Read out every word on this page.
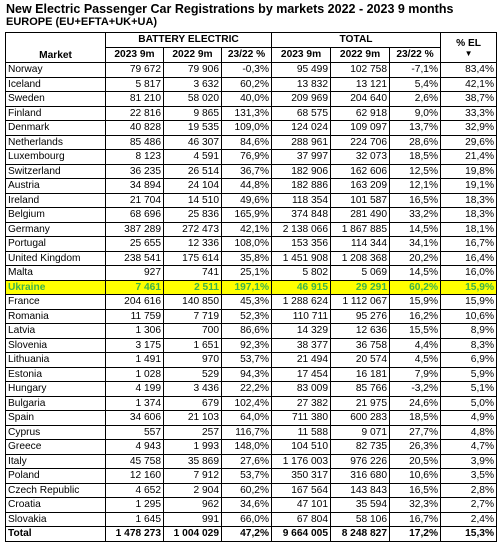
New Electric Passenger Car Registrations by markets 2022 - 2023 9 months
EUROPE (EU+EFTA+UK+UA)
Market	BATTERY ELECTRIC			TOTAL			% EL
▼

	2023 9m	2022 9m	23/22 %	2023 9m	2022 9m	23/22 %	
Norway	79 672	79 906	-0,3%	95 499	102 758	-7,1%	83,4%
Iceland	5 817	3 632	60,2%	13 832	13 121	5,4%	42,1%
Sweden	81 210	58 020	40,0%	209 969	204 640	2,6%	38,7%
Finland	22 816	9 865	131,3%	68 575	62 918	9,0%	33,3%
Denmark	40 828	19 535	109,0%	124 024	109 097	13,7%	32,9%
Netherlands	85 486	46 307	84,6%	288 961	224 706	28,6%	29,6%
Luxembourg	8 123	4 591	76,9%	37 997	32 073	18,5%	21,4%
Switzerland	36 235	26 514	36,7%	182 906	162 606	12,5%	19,8%
Austria	34 894	24 104	44,8%	182 886	163 209	12,1%	19,1%
Ireland	21 704	14 510	49,6%	118 354	101 587	16,5%	18,3%
Belgium	68 696	25 836	165,9%	374 848	281 490	33,2%	18,3%
Germany	387 289	272 473	42,1%	2 138 066	1 867 885	14,5%	18,1%
Portugal	25 655	12 336	108,0%	153 356	114 344	34,1%	16,7%
United Kingdom	238 541	175 614	35,8%	1 451 908	1 208 368	20,2%	16,4%
Malta	927	741	25,1%	5 802	5 069	14,5%	16,0%
Ukraine	7 461	2 511	197,1%	46 915	29 291	60,2%	15,9%
France	204 616	140 850	45,3%	1 288 624	1 112 067	15,9%	15,9%
Romania	11 759	7 719	52,3%	110 711	95 276	16,2%	10,6%
Latvia	1 306	700	86,6%	14 329	12 636	15,5%	8,9%
Slovenia	3 175	1 651	92,3%	38 377	36 758	4,4%	8,3%
Lithuania	1 491	970	53,7%	21 494	20 574	4,5%	6,9%
Estonia	1 028	529	94,3%	17 454	16 181	7,9%	5,9%
Hungary	4 199	3 436	22,2%	83 009	85 766	-3,2%	5,1%
Bulgaria	1 374	679	102,4%	27 382	21 975	24,6%	5,0%
Spain	34 606	21 103	64,0%	711 380	600 283	18,5%	4,9%
Cyprus	557	257	116,7%	11 588	9 071	27,7%	4,8%
Greece	4 943	1 993	148,0%	104 510	82 735	26,3%	4,7%
Italy	45 758	35 869	27,6%	1 176 003	976 226	20,5%	3,9%
Poland	12 160	7 912	53,7%	350 317	316 680	10,6%	3,5%
Czech Republic	4 652	2 904	60,2%	167 564	143 843	16,5%	2,8%
Croatia	1 295	962	34,6%	47 101	35 594	32,3%	2,7%
Slovakia	1 645	991	66,0%	67 804	58 106	16,7%	2,4%
Total	1 478 273	1 004 029	47,2%	9 664 005	8 248 827	17,2%	15,3%
